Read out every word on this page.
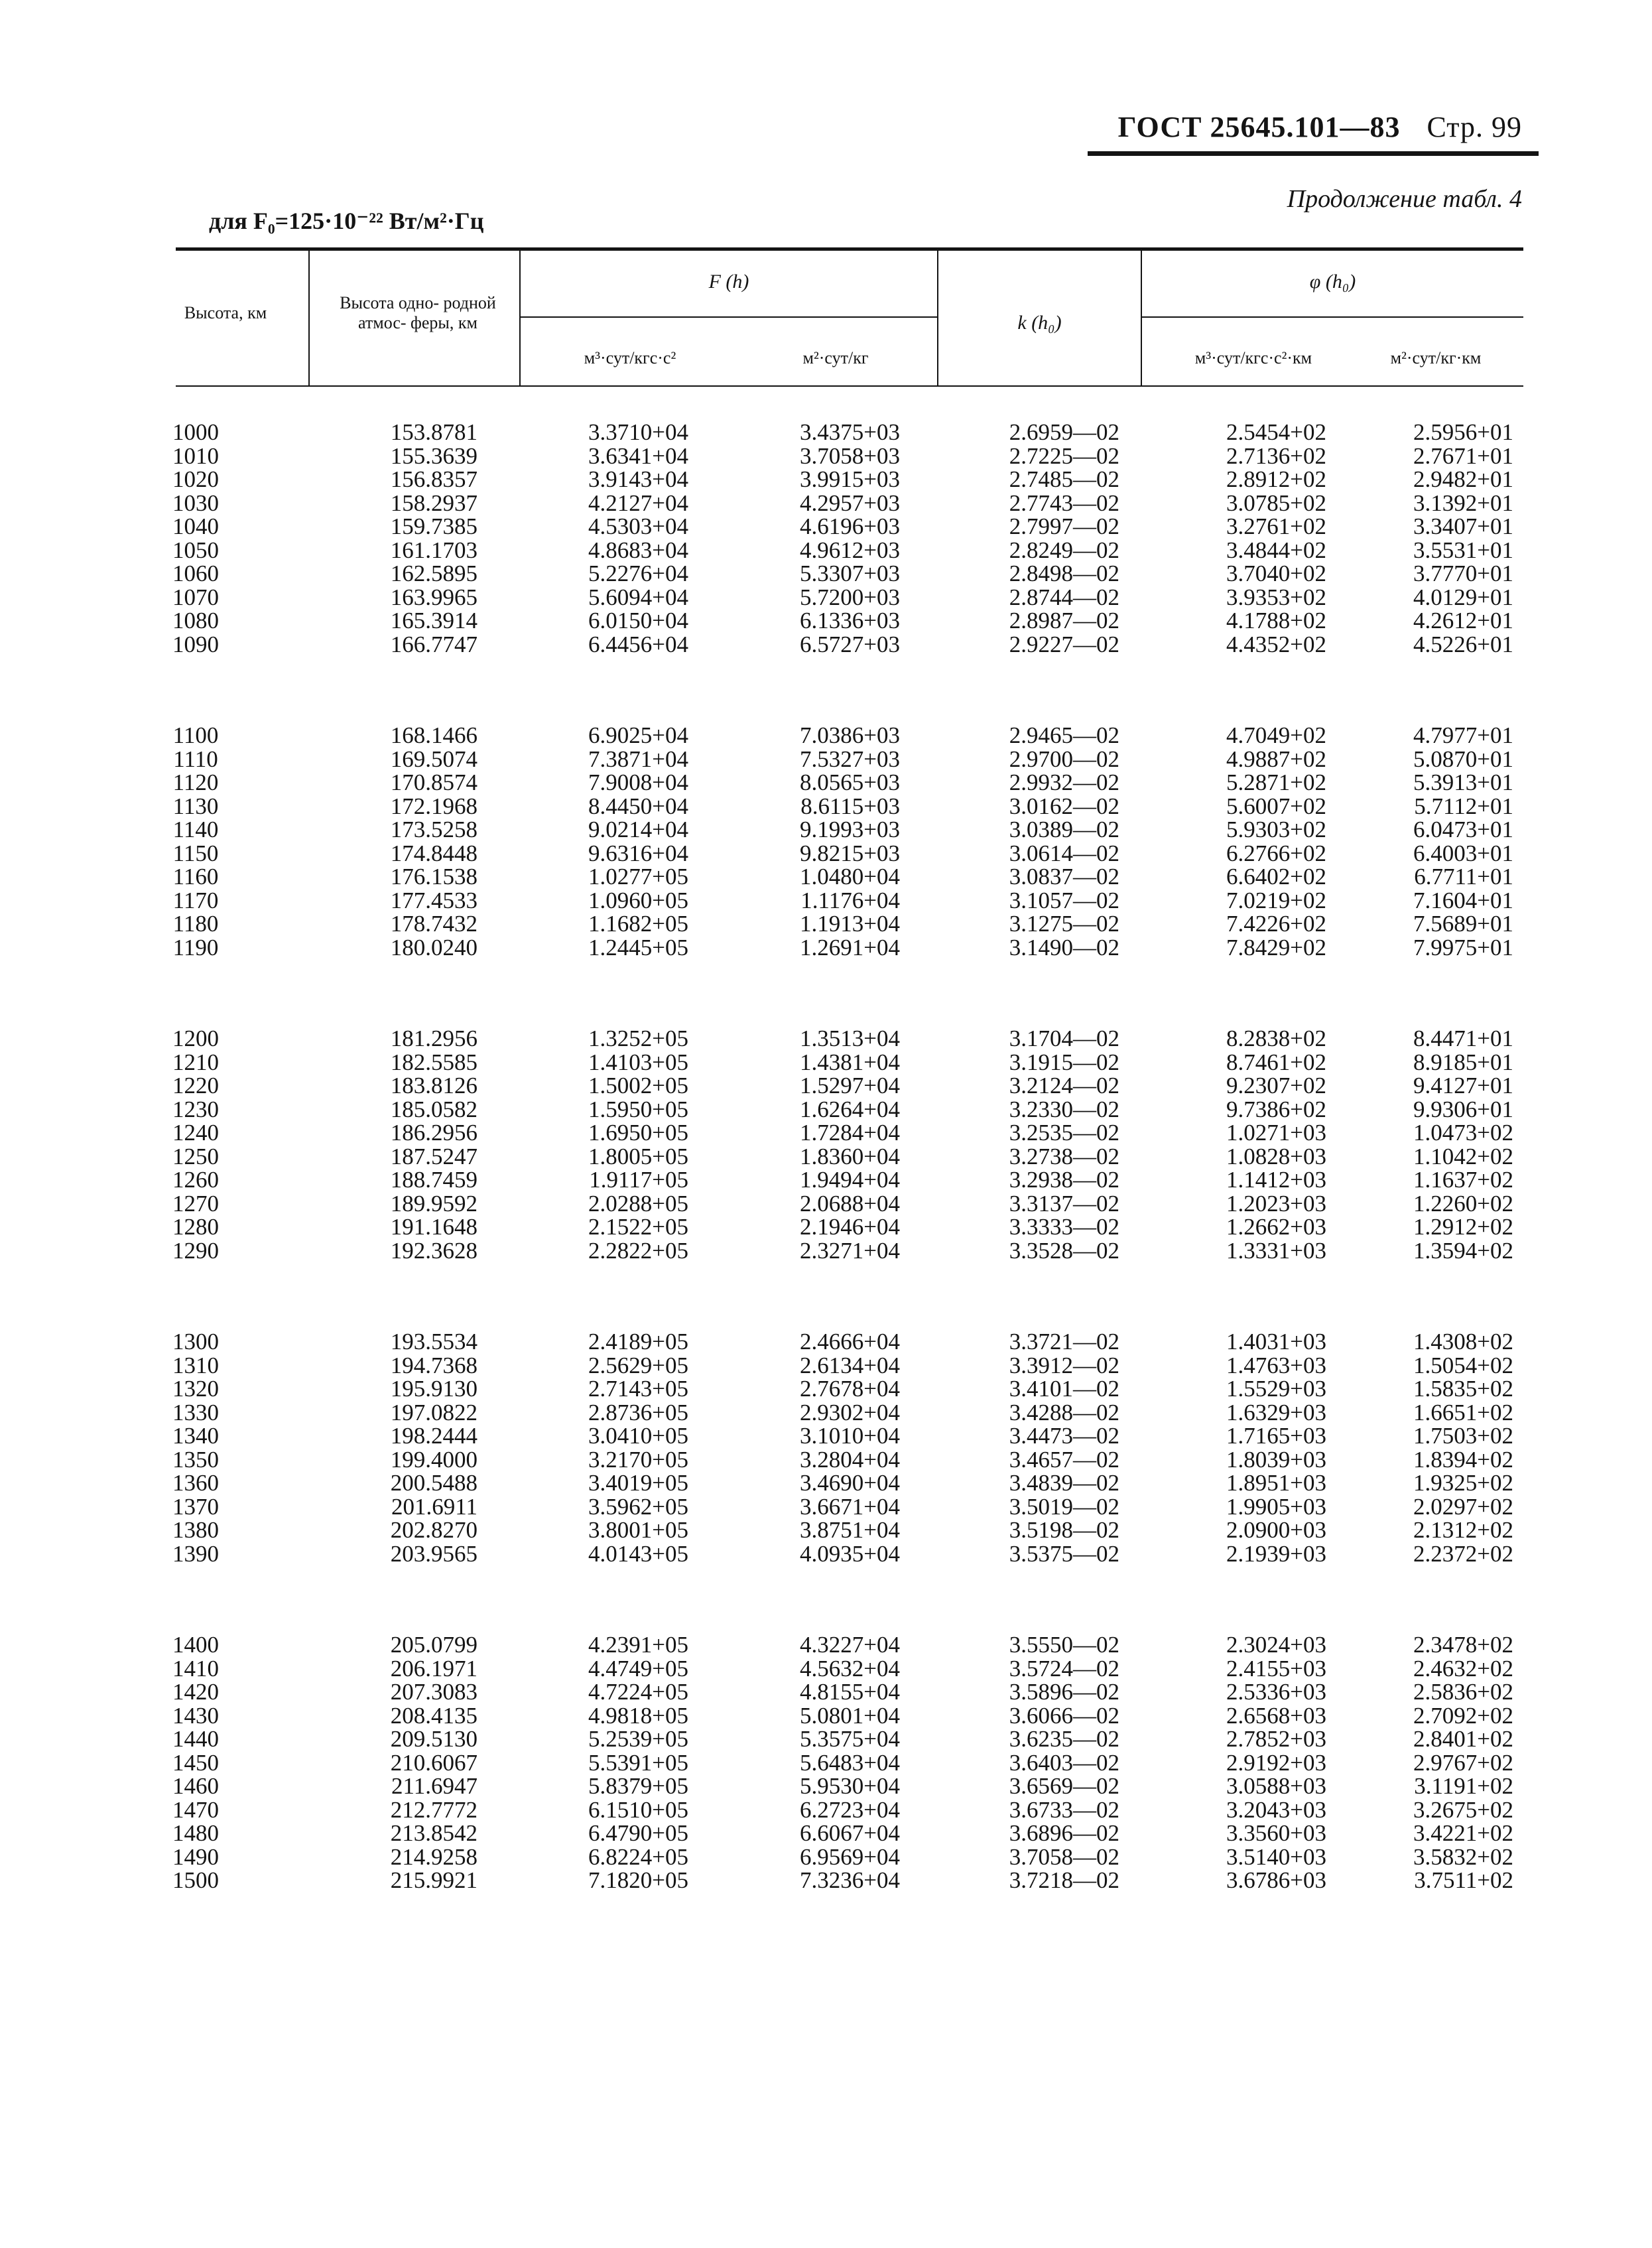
ГОСТ 25645.101—83 Стр. 99
Продолжение табл. 4
для F₀=125·10⁻²² Вт/м²·Гц
Высота, км
Высота одно- родной атмос- феры, км
F (h)
м³·сут/кгс·с²	м²·сут/кг
k (h₀)
φ (h₀)
м³·сут/кгс·с²·км	м²·сут/кг·км
1000
1010
1020
1030
1040
1050
1060
1070
1080
1090
153.8781
155.3639
156.8357
158.2937
159.7385
161.1703
162.5895
163.9965
165.3914
166.7747
3.3710+04
3.6341+04
3.9143+04
4.2127+04
4.5303+04
4.8683+04
5.2276+04
5.6094+04
6.0150+04
6.4456+04
3.4375+03
3.7058+03
3.9915+03
4.2957+03
4.6196+03
4.9612+03
5.3307+03
5.7200+03
6.1336+03
6.5727+03
2.6959—02
2.7225—02
2.7485—02
2.7743—02
2.7997—02
2.8249—02
2.8498—02
2.8744—02
2.8987—02
2.9227—02
2.5454+02
2.7136+02
2.8912+02
3.0785+02
3.2761+02
3.4844+02
3.7040+02
3.9353+02
4.1788+02
4.4352+02
2.5956+01
2.7671+01
2.9482+01
3.1392+01
3.3407+01
3.5531+01
3.7770+01
4.0129+01
4.2612+01
4.5226+01
1100
1110
1120
1130
1140
1150
1160
1170
1180
1190
168.1466
169.5074
170.8574
172.1968
173.5258
174.8448
176.1538
177.4533
178.7432
180.0240
6.9025+04
7.3871+04
7.9008+04
8.4450+04
9.0214+04
9.6316+04
1.0277+05
1.0960+05
1.1682+05
1.2445+05
7.0386+03
7.5327+03
8.0565+03
8.6115+03
9.1993+03
9.8215+03
1.0480+04
1.1176+04
1.1913+04
1.2691+04
2.9465—02
2.9700—02
2.9932—02
3.0162—02
3.0389—02
3.0614—02
3.0837—02
3.1057—02
3.1275—02
3.1490—02
4.7049+02
4.9887+02
5.2871+02
5.6007+02
5.9303+02
6.2766+02
6.6402+02
7.0219+02
7.4226+02
7.8429+02
4.7977+01
5.0870+01
5.3913+01
5.7112+01
6.0473+01
6.4003+01
6.7711+01
7.1604+01
7.5689+01
7.9975+01
1200
1210
1220
1230
1240
1250
1260
1270
1280
1290
181.2956
182.5585
183.8126
185.0582
186.2956
187.5247
188.7459
189.9592
191.1648
192.3628
1.3252+05
1.4103+05
1.5002+05
1.5950+05
1.6950+05
1.8005+05
1.9117+05
2.0288+05
2.1522+05
2.2822+05
1.3513+04
1.4381+04
1.5297+04
1.6264+04
1.7284+04
1.8360+04
1.9494+04
2.0688+04
2.1946+04
2.3271+04
3.1704—02
3.1915—02
3.2124—02
3.2330—02
3.2535—02
3.2738—02
3.2938—02
3.3137—02
3.3333—02
3.3528—02
8.2838+02
8.7461+02
9.2307+02
9.7386+02
1.0271+03
1.0828+03
1.1412+03
1.2023+03
1.2662+03
1.3331+03
8.4471+01
8.9185+01
9.4127+01
9.9306+01
1.0473+02
1.1042+02
1.1637+02
1.2260+02
1.2912+02
1.3594+02
1300
1310
1320
1330
1340
1350
1360
1370
1380
1390
193.5534
194.7368
195.9130
197.0822
198.2444
199.4000
200.5488
201.6911
202.8270
203.9565
2.4189+05
2.5629+05
2.7143+05
2.8736+05
3.0410+05
3.2170+05
3.4019+05
3.5962+05
3.8001+05
4.0143+05
2.4666+04
2.6134+04
2.7678+04
2.9302+04
3.1010+04
3.2804+04
3.4690+04
3.6671+04
3.8751+04
4.0935+04
3.3721—02
3.3912—02
3.4101—02
3.4288—02
3.4473—02
3.4657—02
3.4839—02
3.5019—02
3.5198—02
3.5375—02
1.4031+03
1.4763+03
1.5529+03
1.6329+03
1.7165+03
1.8039+03
1.8951+03
1.9905+03
2.0900+03
2.1939+03
1.4308+02
1.5054+02
1.5835+02
1.6651+02
1.7503+02
1.8394+02
1.9325+02
2.0297+02
2.1312+02
2.2372+02
1400
1410
1420
1430
1440
1450
1460
1470
1480
1490
1500
205.0799
206.1971
207.3083
208.4135
209.5130
210.6067
211.6947
212.7772
213.8542
214.9258
215.9921
4.2391+05
4.4749+05
4.7224+05
4.9818+05
5.2539+05
5.5391+05
5.8379+05
6.1510+05
6.4790+05
6.8224+05
7.1820+05
4.3227+04
4.5632+04
4.8155+04
5.0801+04
5.3575+04
5.6483+04
5.9530+04
6.2723+04
6.6067+04
6.9569+04
7.3236+04
3.5550—02
3.5724—02
3.5896—02
3.6066—02
3.6235—02
3.6403—02
3.6569—02
3.6733—02
3.6896—02
3.7058—02
3.7218—02
2.3024+03
2.4155+03
2.5336+03
2.6568+03
2.7852+03
2.9192+03
3.0588+03
3.2043+03
3.3560+03
3.5140+03
3.6786+03
2.3478+02
2.4632+02
2.5836+02
2.7092+02
2.8401+02
2.9767+02
3.1191+02
3.2675+02
3.4221+02
3.5832+02
3.7511+02
